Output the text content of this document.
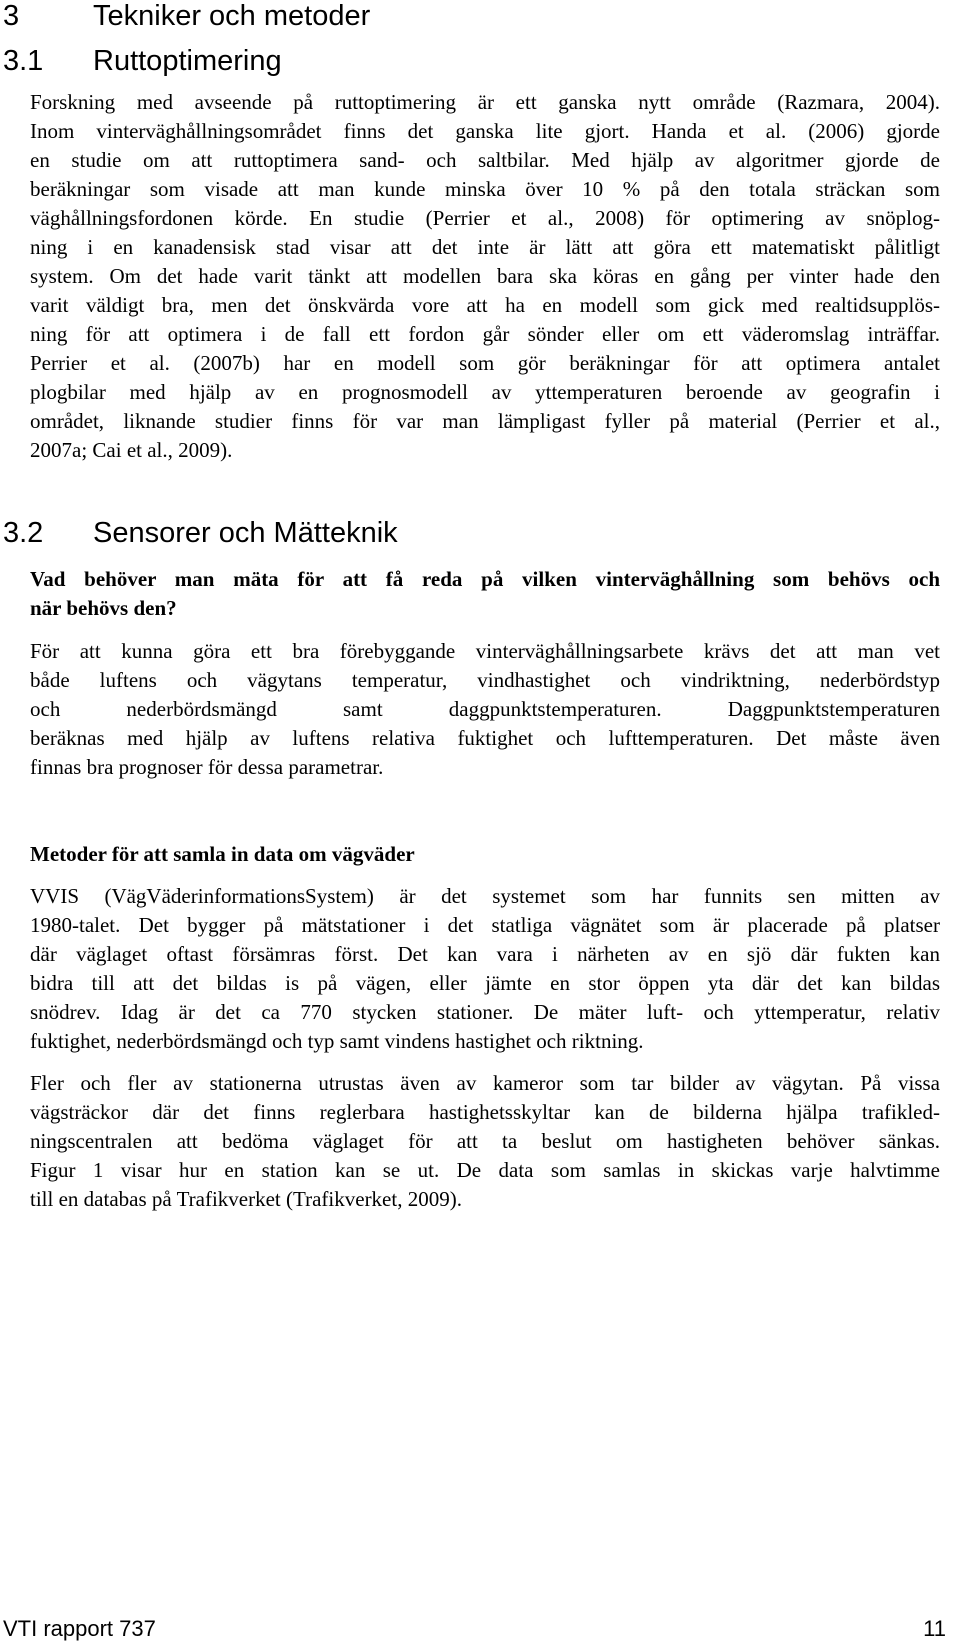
3	Tekniker och metoder
3.1 Ruttoptimering
Forskning med avseende på ruttoptimering är ett ganska nytt område (Razmara, 2004).
Inom vinterväghållningsområdet finns det ganska lite gjort. Handa et al. (2006) gjorde
en studie om att ruttoptimera sand- och saltbilar. Med hjälp av algoritmer gjorde de
beräkningar som visade att man kunde minska över 10 % på den totala sträckan som
väghållningsfordonen körde. En studie (Perrier et al., 2008) för optimering av snöplog-
ning i en kanadensisk stad visar att det inte är lätt att göra ett matematiskt pålitligt
system. Om det hade varit tänkt att modellen bara ska köras en gång per vinter hade den
varit väldigt bra, men det önskvärda vore att ha en modell som gick med realtidsupplös-
ning för att optimera i de fall ett fordon går sönder eller om ett väderomslag inträffar.
Perrier et al. (2007b) har en modell som gör beräkningar för att optimera antalet
plogbilar med hjälp av en prognosmodell av yttemperaturen beroende av geografin i
området, liknande studier finns för var man lämpligast fyller på material (Perrier et al.,
2007a; Cai et al., 2009).
3.2 Sensorer och Mätteknik
Vad behöver man mäta för att få reda på vilken vinterväghållning som behövs och
när behövs den?
För att kunna göra ett bra förebyggande vinterväghållningsarbete krävs det att man vet
både luftens och vägytans temperatur, vindhastighet och vindriktning, nederbördstyp
och nederbördsmängd samt daggpunktstemperaturen. Daggpunktstemperaturen
beräknas med hjälp av luftens relativa fuktighet och lufttemperaturen. Det måste även
finnas bra prognoser för dessa parametrar.
Metoder för att samla in data om vägväder
VVIS (VägVäderinformationsSystem) är det systemet som har funnits sen mitten av
1980-talet. Det bygger på mätstationer i det statliga vägnätet som är placerade på platser
där väglaget oftast försämras först. Det kan vara i närheten av en sjö där fukten kan
bidra till att det bildas is på vägen, eller jämte en stor öppen yta där det kan bildas
snödrev. Idag är det ca 770 stycken stationer. De mäter luft- och yttemperatur, relativ
fuktighet, nederbördsmängd och typ samt vindens hastighet och riktning.
Fler och fler av stationerna utrustas även av kameror som tar bilder av vägytan. På vissa
vägsträckor där det finns reglerbara hastighetsskyltar kan de bilderna hjälpa trafikled-
ningscentralen att bedöma väglaget för att ta beslut om hastigheten behöver sänkas.
Figur 1 visar hur en station kan se ut. De data som samlas in skickas varje halvtimme
till en databas på Trafikverket (Trafikverket, 2009).
VTI rapport 737	11
